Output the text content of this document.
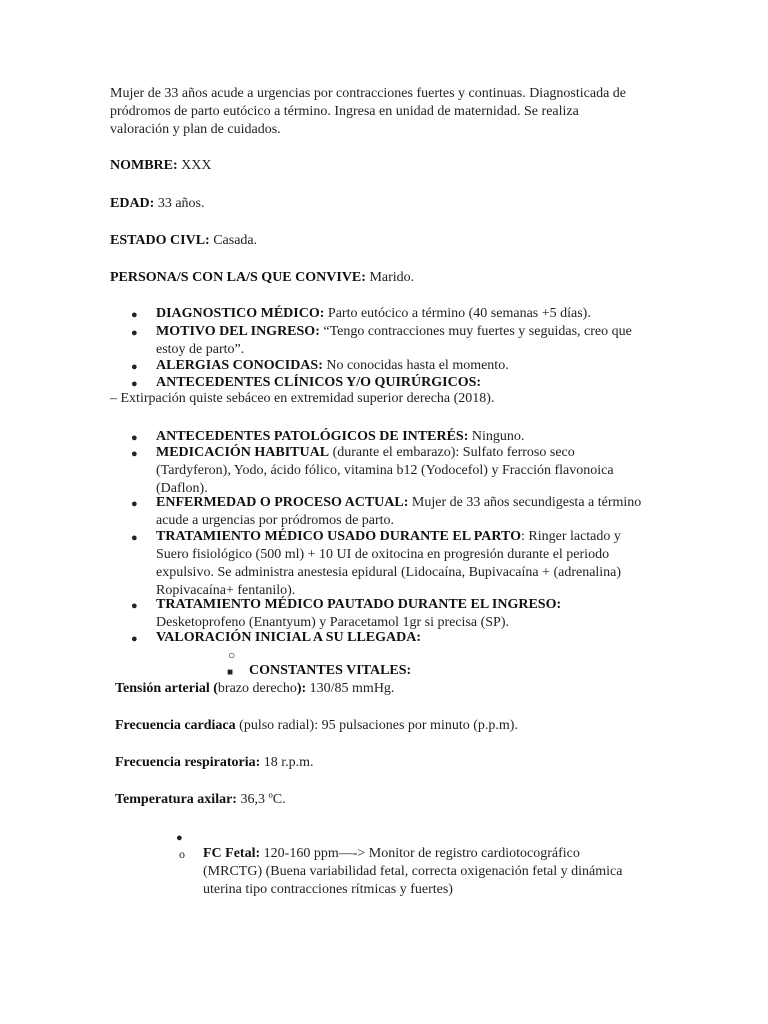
Mujer de 33 años acude a urgencias por contracciones fuertes y continuas. Diagnosticada de pródromos de parto eutócico a término. Ingresa en unidad de maternidad. Se realiza valoración y plan de cuidados.
NOMBRE: XXX
EDAD: 33 años.
ESTADO CIVL: Casada.
PERSONA/S CON LA/S QUE CONVIVE: Marido.
● DIAGNOSTICO MÉDICO: Parto eutócico a término (40 semanas +5 días).
● MOTIVO DEL INGRESO: “Tengo contracciones muy fuertes y seguidas, creo que estoy de parto”.
● ALERGIAS CONOCIDAS: No conocidas hasta el momento.
● ANTECEDENTES CLÍNICOS Y/O QUIRÚRGICOS:
– Extirpación quiste sebáceo en extremidad superior derecha (2018).
● ANTECEDENTES PATOLÓGICOS DE INTERÉS: Ninguno.
● MEDICACIÓN HABITUAL (durante el embarazo): Sulfato ferroso seco (Tardyferon), Yodo, ácido fólico, vitamina b12 (Yodocefol) y Fracción flavonoica (Daflon).
● ENFERMEDAD O PROCESO ACTUAL: Mujer de 33 años secundigesta a término acude a urgencias por pródromos de parto.
● TRATAMIENTO MÉDICO USADO DURANTE EL PARTO: Ringer lactado y Suero fisiológico (500 ml) + 10 UI de oxitocina en progresión durante el periodo expulsivo. Se administra anestesia epidural (Lidocaína, Bupivacaína + (adrenalina) Ropivacaína+ fentanilo).
● TRATAMIENTO MÉDICO PAUTADO DURANTE EL INGRESO: Desketoprofeno (Enantyum) y Paracetamol 1gr si precisa (SP).
● VALORACIÓN INICIAL A SU LLEGADA:
○
■ CONSTANTES VITALES:
Tensión arterial (brazo derecho): 130/85 mmHg.
Frecuencia cardiaca (pulso radial): 95 pulsaciones por minuto (p.p.m).
Frecuencia respiratoria: 18 r.p.m.
Temperatura axilar: 36,3 ºC.
●
o FC Fetal: 120-160 ppm—-> Monitor de registro cardiotocográfico (MRCTG) (Buena variabilidad fetal, correcta oxigenación fetal y dinámica uterina tipo contracciones rítmicas y fuertes)
